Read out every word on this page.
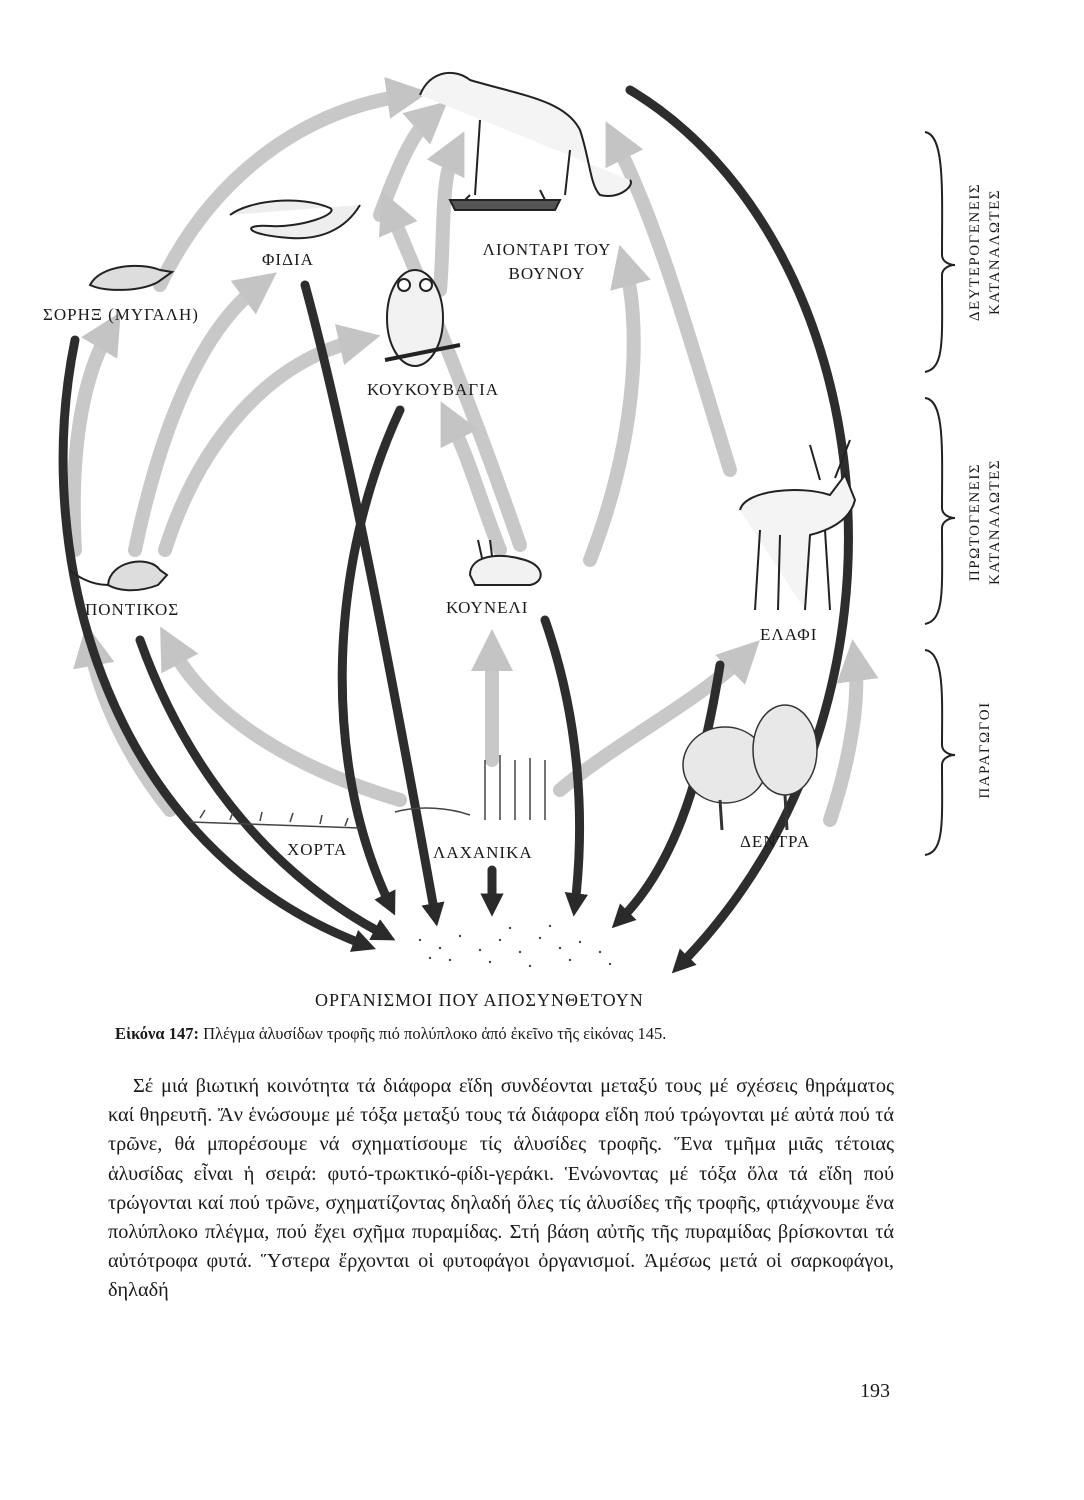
ΛΙΟΝΤΑΡΙ ΤΟΥ ΒΟΥΝΟΥ
ΦΙΔΙΑ
ΣΟΡΗΞ (ΜΥΓΑΛΗ)
ΚΟΥΚΟΥΒΑΓΙΑ
ΠΟΝΤΙΚΟΣ	ΚΟΥΝΕΛΙ
ΕΛΑΦΙ
ΧΟΡΤΑ	ΛΑΧΑΝΙΚΑ
ΔΕΝΤΡΑ
ΟΡΓΑΝΙΣΜΟΙ ΠΟΥ ΑΠΟΣΥΝΘΕΤΟΥΝ
ΔΕΥΤΕΡΟΓΕΝΕΙΣ ΚΑΤΑΝΑΛΩΤΕΣ
ΠΡΩΤΟΓΕΝΕΙΣ ΚΑΤΑΝΑΛΩΤΕΣ
ΠΑΡΑΓΩΓΟΙ
Εἰκόνα 147: Πλέγμα ἁλυσίδων τροφῆς πιό πολύπλοκο ἀπό ἐκεῖνο τῆς εἰκόνας 145.
Σέ μιά βιωτική κοινότητα τά διάφορα εἴδη συνδέονται μεταξύ τους μέ σχέσεις θηράματος καί θηρευτῆ. Ἄν ἑνώσουμε μέ τόξα μεταξύ τους τά διάφορα εἴδη πού τρώγονται μέ αὐτά πού τά τρῶνε, θά μπορέσουμε νά σχηματίσουμε τίς ἁλυσίδες τροφῆς. Ἕνα τμῆμα μιᾶς τέτοιας ἁλυσίδας εἶναι ἡ σειρά: φυτό-τρωκτικό-φίδι-γεράκι. Ἑνώνοντας μέ τόξα ὅλα τά εἴδη πού τρώγονται καί πού τρῶνε, σχηματίζοντας δηλαδή ὅλες τίς ἁλυσίδες τῆς τροφῆς, φτιάχνουμε ἕνα πολύπλοκο πλέγμα, πού ἔχει σχῆμα πυραμίδας. Στή βάση αὐτῆς τῆς πυραμίδας βρίσκονται τά αὐτότροφα φυτά. Ὕστερα ἔρχονται οἱ φυτοφάγοι ὀργανισμοί. Ἀμέσως μετά οἱ σαρκοφάγοι, δηλαδή
193
